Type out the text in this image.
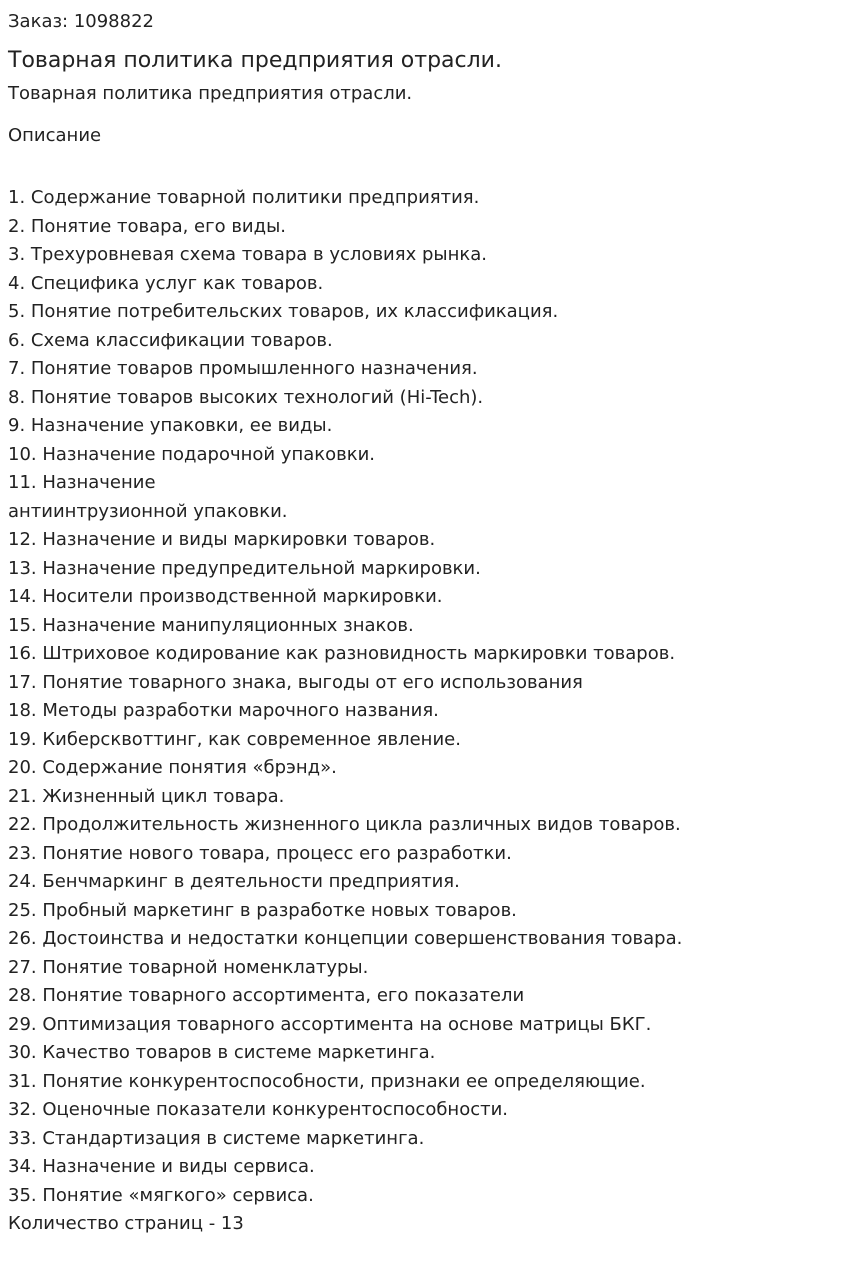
Заказ: 1098822

Товарная политика предприятия отрасли.

Товарная политика предприятия отрасли.

Описание

1. Содержание товарной политики предприятия.
2. Понятие товара, его виды.
3. Трехуровневая схема товара в условиях рынка.
4. Специфика услуг как товаров.
5. Понятие потребительских товаров, их классификация.
6. Схема классификации товаров.
7. Понятие товаров промышленного назначения.
8. Понятие товаров высоких технологий (Hi-Tech).
9. Назначение упаковки, ее виды.
10. Назначение подарочной упаковки.
11. Назначение антиинтрузионной упаковки.
12. Назначение и виды маркировки товаров.
13. Назначение предупредительной маркировки.
14. Носители производственной маркировки.
15. Назначение манипуляционных знаков.
16. Штриховое кодирование как разновидность маркировки товаров.
17. Понятие товарного знака, выгоды от его использования
18. Методы разработки марочного названия.
19. Киберсквоттинг, как современное явление.
20. Содержание понятия «брэнд».
21. Жизненный цикл товара.
22. Продолжительность жизненного цикла различных видов товаров.
23. Понятие нового товара, процесс его разработки.
24. Бенчмаркинг в деятельности предприятия.
25. Пробный маркетинг в разработке новых товаров.
26. Достоинства и недостатки концепции совершенствования товара.
27. Понятие товарной номенклатуры.
28. Понятие товарного ассортимента, его показатели
29. Оптимизация товарного ассортимента на основе матрицы БКГ.
30. Качество товаров в системе маркетинга.
31. Понятие конкурентоспособности, признаки ее определяющие.
32. Оценочные показатели конкурентоспособности.
33. Стандартизация в системе маркетинга.
34. Назначение и виды сервиса.
35. Понятие «мягкого» сервиса.

Количество страниц - 13
